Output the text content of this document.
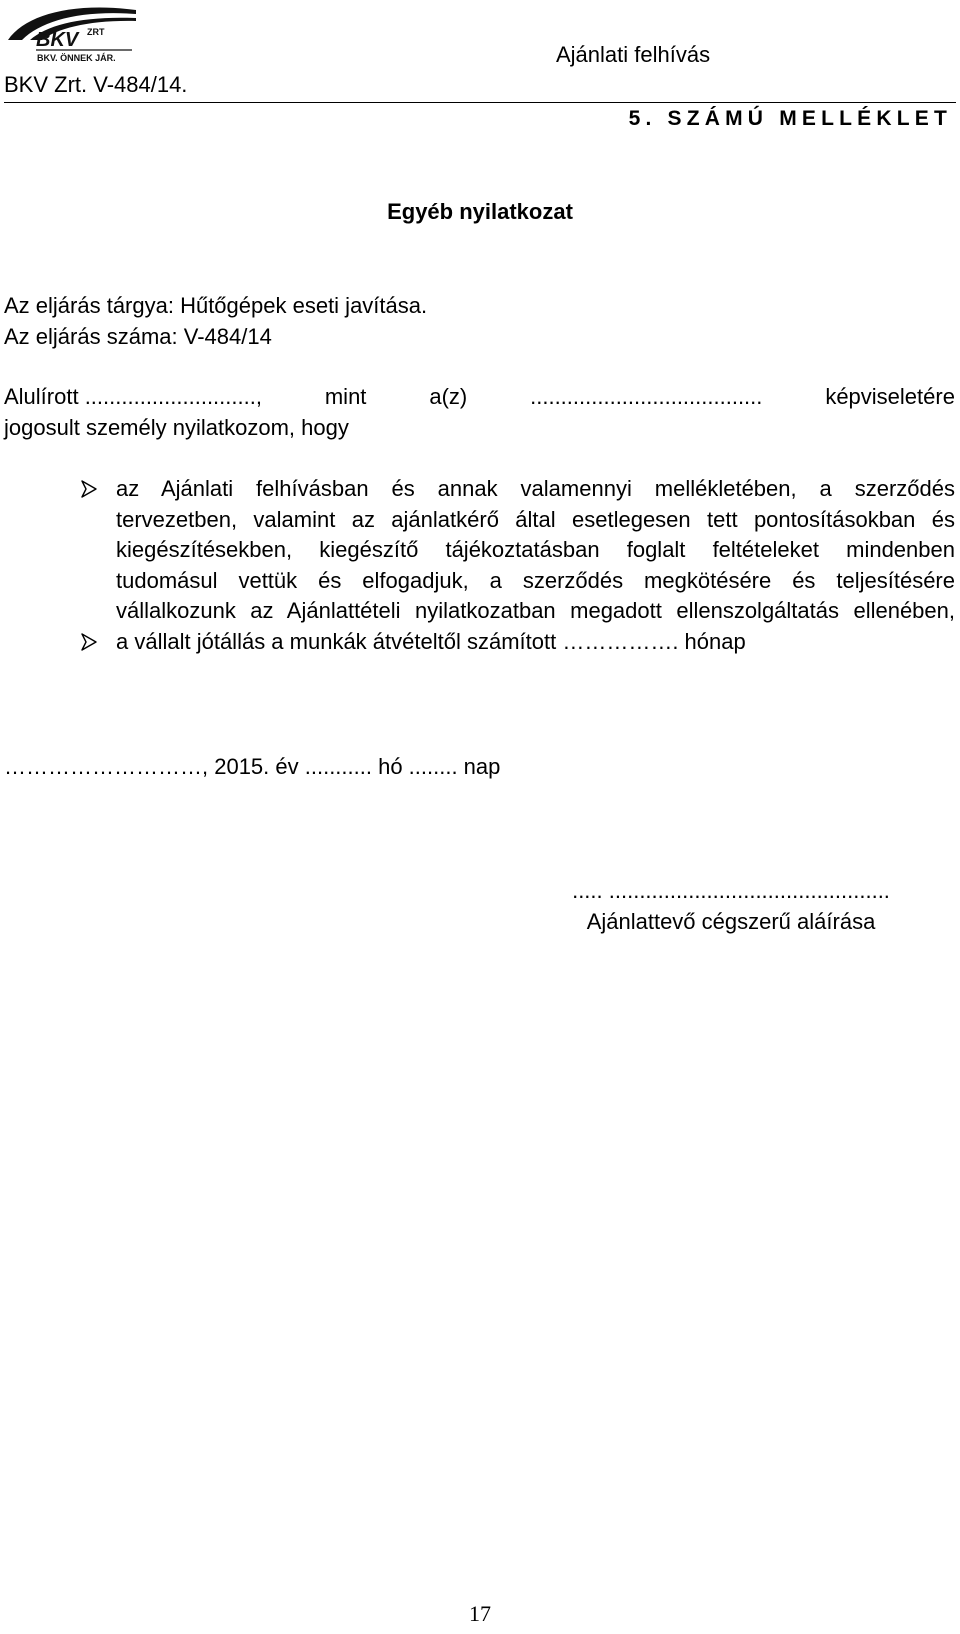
BKV ZRT
BKV. ÖNNEK JÁR.	Ajánlati felhívás
BKV Zrt. V-484/14.
5. SZÁMÚ MELLÉKLET
Egyéb nyilatkozat
Az eljárás tárgya: Hűtőgépek eseti javítása.
Az eljárás száma: V-484/14
Alulírott ............................,	mint	a(z)	......................................	képviseletére
jogosult személy nyilatkozom, hogy
az Ajánlati felhívásban és annak valamennyi mellékletében, a szerződés
tervezetben, valamint az ajánlatkérő által esetlegesen tett pontosításokban és
kiegészítésekben, kiegészítő tájékoztatásban foglalt feltételeket mindenben
tudomásul vettük és elfogadjuk, a szerződés megkötésére és teljesítésére
vállalkozunk az Ajánlattételi nyilatkozatban megadott ellenszolgáltatás ellenében,
a vállalt jótállás a munkák átvételtől számított ……………. hónap
………………………, 2015. év ........... hó ........ nap
..... ..............................................
Ajánlattevő cégszerű aláírása
17
